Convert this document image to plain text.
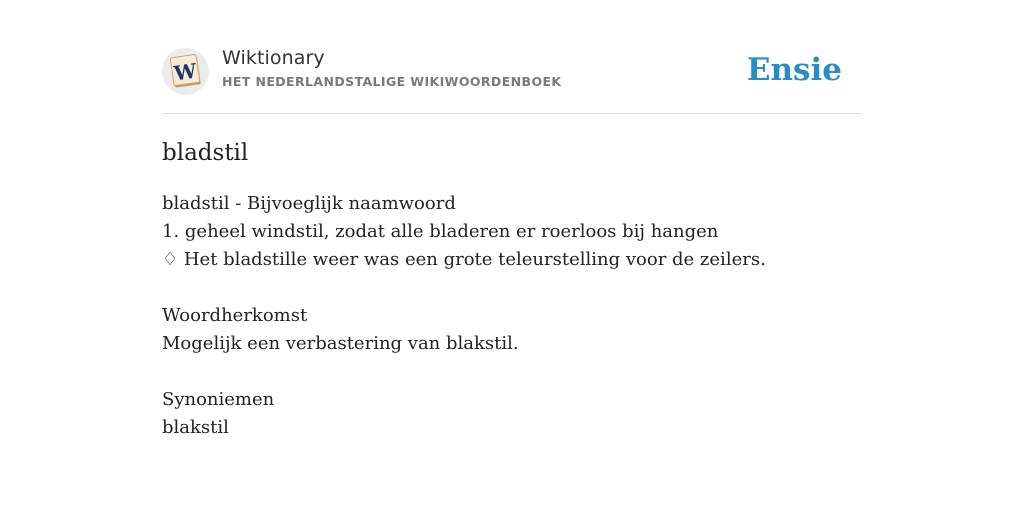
W
Wiktionary
HET NEDERLANDSTALIGE WIKIWOORDENBOEK	Ensie
bladstil
bladstil - Bijvoeglijk naamwoord
1. geheel windstil, zodat alle bladeren er roerloos bij hangen
♢ Het bladstille weer was een grote teleurstelling voor de zeilers.
Woordherkomst
Mogelijk een verbastering van blakstil.
Synoniemen
blakstil
